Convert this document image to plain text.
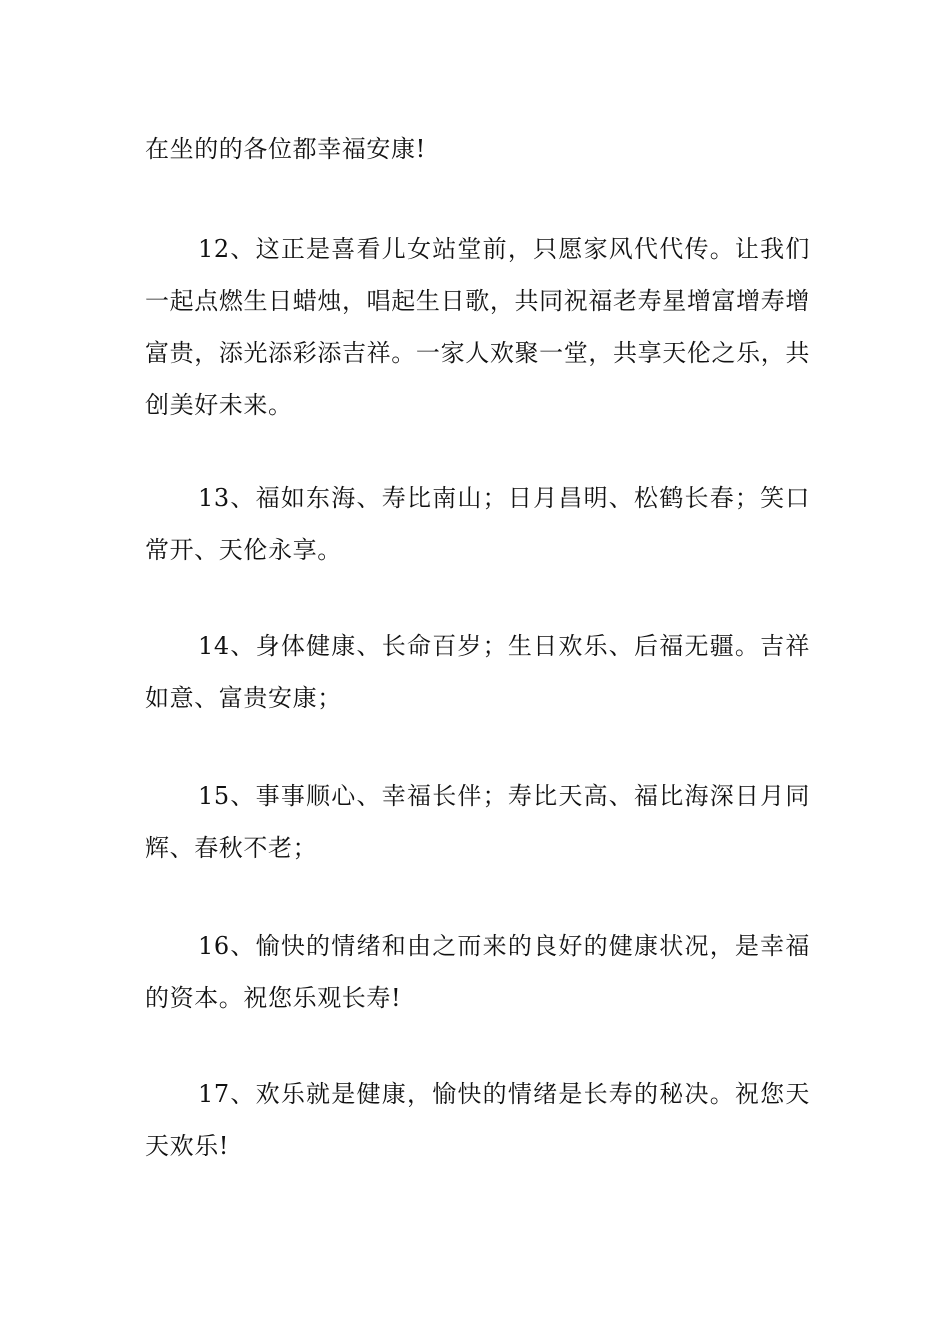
在坐的的各位都幸福安康!

12、这正是喜看儿女站堂前，只愿家风代代传。让我们一起点燃生日蜡烛，唱起生日歌，共同祝福老寿星增富增寿增富贵，添光添彩添吉祥。一家人欢聚一堂，共享天伦之乐，共创美好未来。

13、福如东海、寿比南山；日月昌明、松鹤长春；笑口常开、天伦永享。

14、身体健康、长命百岁；生日欢乐、后福无疆。吉祥如意、富贵安康；

15、事事顺心、幸福长伴；寿比天高、福比海深日月同辉、春秋不老；

16、愉快的情绪和由之而来的良好的健康状况，是幸福的资本。祝您乐观长寿!

17、欢乐就是健康，愉快的情绪是长寿的秘决。祝您天天欢乐!
